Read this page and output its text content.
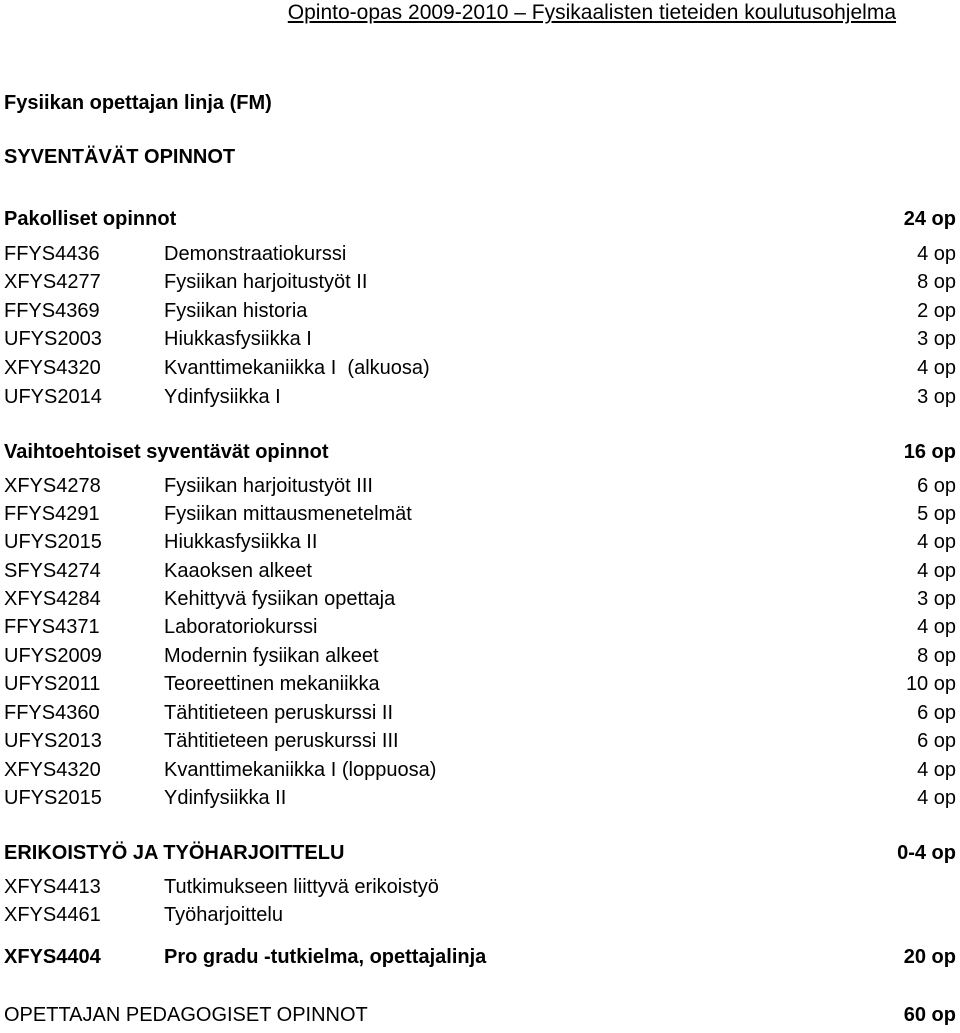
Opinto-opas 2009-2010 – Fysikaalisten tieteiden koulutusohjelma
Fysiikan opettajan linja (FM)
SYVENTÄVÄT OPINNOT
Pakolliset opinnot	24 op
FFYS4436	Demonstraatiokurssi	4 op
XFYS4277	Fysiikan harjoitustyöt II	8 op
FFYS4369	Fysiikan historia	2 op
UFYS2003	Hiukkasfysiikka I	3 op
XFYS4320	Kvanttimekaniikka I  (alkuosa)	4 op
UFYS2014	Ydinfysiikka I	3 op
Vaihtoehtoiset syventävät opinnot	16 op
XFYS4278	Fysiikan harjoitustyöt III	6 op
FFYS4291	Fysiikan mittausmenetelmät	5 op
UFYS2015	Hiukkasfysiikka II	4 op
SFYS4274	Kaaoksen alkeet	4 op
XFYS4284	Kehittyvä fysiikan opettaja	3 op
FFYS4371	Laboratoriokurssi	4 op
UFYS2009	Modernin fysiikan alkeet	8 op
UFYS2011	Teoreettinen mekaniikka	10 op
FFYS4360	Tähtitieteen peruskurssi II	6 op
UFYS2013	Tähtitieteen peruskurssi III	6 op
XFYS4320	Kvanttimekaniikka I (loppuosa)	4 op
UFYS2015	Ydinfysiikka II	4 op
ERIKOISTYÖ JA TYÖHARJOITTELU	0-4 op
XFYS4413	Tutkimukseen liittyvä erikoistyö
XFYS4461	Työharjoittelu
XFYS4404	Pro gradu -tutkielma, opettajalinja	20 op
OPETTAJAN PEDAGOGISET OPINNOT	60 op
